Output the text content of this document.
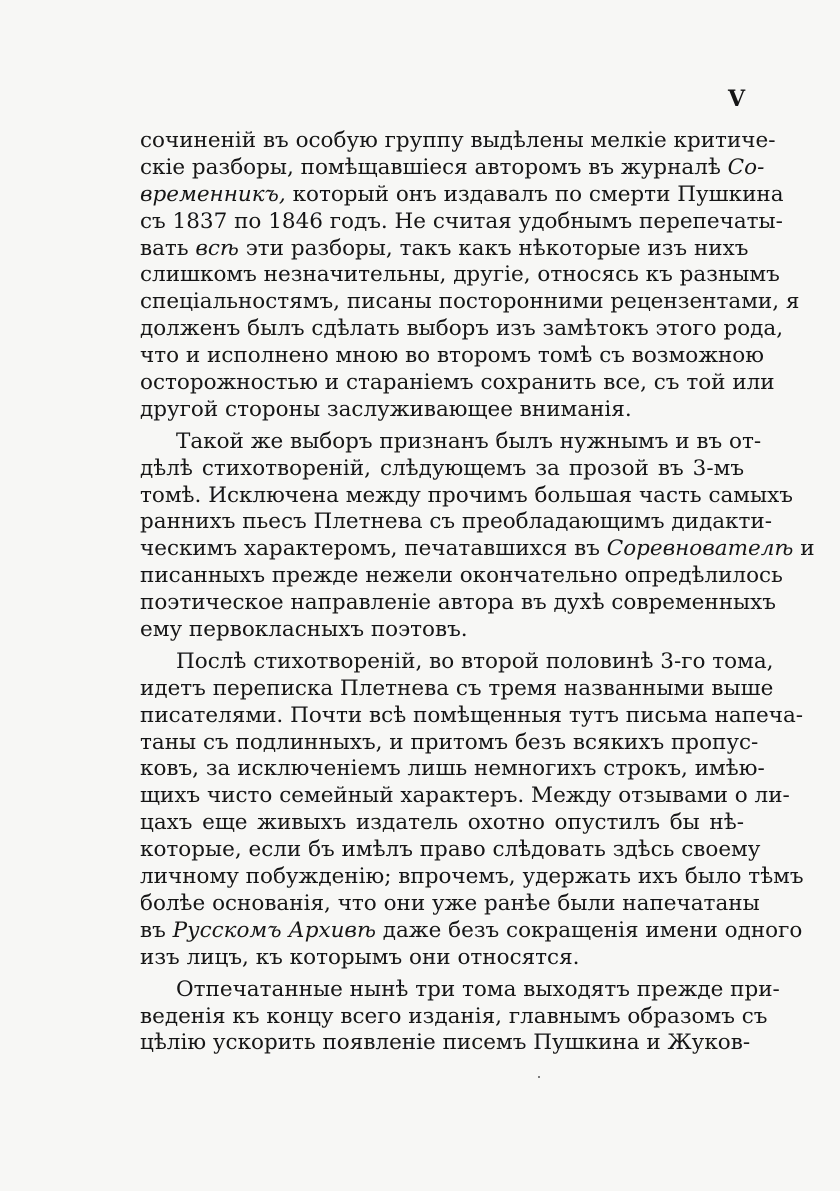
V
сочиненій въ особую группу выдѣлены мелкіе критиче-
скіе разборы, помѣщавшіеся авторомъ въ журналѣ Со-
временникъ, который онъ издавалъ по смерти Пушкина
съ 1837 по 1846 годъ. Не считая удобнымъ перепечаты-
вать всѣ эти разборы, такъ какъ нѣкоторые изъ нихъ
слишкомъ незначительны, другіе, относясь къ разнымъ
спеціальностямъ, писаны посторонними рецензентами, я
долженъ былъ сдѣлать выборъ изъ замѣтокъ этого рода,
что и исполнено мною во второмъ томѣ съ возможною
осторожностью и стараніемъ сохранить все, съ той или
другой стороны заслуживающее вниманія.
Такой же выборъ признанъ былъ нужнымъ и въ от-
дѣлѣ стихотвореній, слѣдующемъ за прозой въ 3-мъ
томѣ. Исключена между прочимъ большая часть самыхъ
раннихъ пьесъ Плетнева съ преобладающимъ дидакти-
ческимъ характеромъ, печатавшихся въ Соревнователѣ и
писанныхъ прежде нежели окончательно опредѣлилось
поэтическое направленіе автора въ духѣ современныхъ
ему первокласныхъ поэтовъ.
Послѣ стихотвореній, во второй половинѣ 3-го тома,
идетъ переписка Плетнева съ тремя названными выше
писателями. Почти всѣ помѣщенныя тутъ письма напеча-
таны съ подлинныхъ, и притомъ безъ всякихъ пропус-
ковъ, за исключеніемъ лишь немногихъ строкъ, имѣю-
щихъ чисто семейный характеръ. Между отзывами о ли-
цахъ еще живыхъ издатель охотно опустилъ бы нѣ-
которые, если бъ имѣлъ право слѣдовать здѣсь своему
личному побужденію; впрочемъ, удержать ихъ было тѣмъ
болѣе основанія, что они уже ранѣе были напечатаны
въ Русскомъ Архивѣ даже безъ сокращенія имени одного
изъ лицъ, къ которымъ они относятся.
Отпечатанные нынѣ три тома выходятъ прежде при-
веденія къ концу всего изданія, главнымъ образомъ съ
цѣлію ускорить появленіе писемъ Пушкина и Жуков-
